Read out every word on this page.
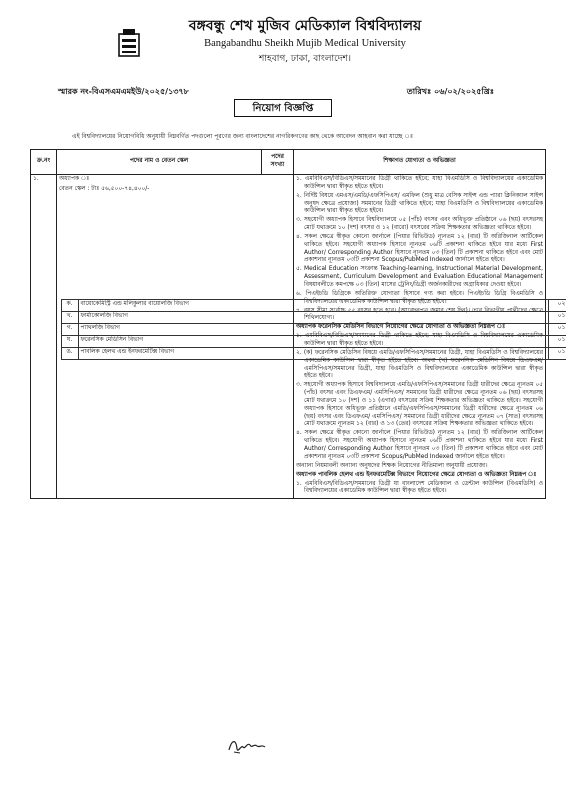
বঙ্গবন্ধু শেখ মুজিব মেডিক্যাল বিশ্ববিদ্যালয়
Bangabandhu Sheikh Mujib Medical University
শাহবাগ, ঢাকা, বাংলাদেশ।
স্মারক নং-বিএসএমএমইউ/২০২৫/১৩৭৮	তারিখঃ ০৬/০২/২০২৫খ্রিঃ
নিয়োগ বিজ্ঞপ্তি
এই বিশ্ববিদ্যালয়ের নিয়োগবিধি অনুযায়ী নিম্নবর্ণিত পদগুলো পূরণের জন্য বাংলাদেশের নাগরিকগণের কাছ থেকে আবেদন আহবান করা যাচ্ছে ঃ
ক্র.নং	পদের নাম ও বেতন স্কেল	পদের সংখ্যা	শিক্ষাগত যোগ্যতা ও অভিজ্ঞতা
১.	অধ্যাপক ঃ
বেতন স্কেল : টাঃ ৫৬,৫০০-৭৪,৪০০/-
ক.	বায়োকেমিস্ট্রি এন্ড মলিকুলার বায়োলজি বিভাগ	০২
খ.	ফার্মাকোলজি বিভাগ	০১
গ.	প্যাথলজি বিভাগ	০১
ঘ.	ফরেনসিক মেডিসিন বিভাগ	০১
ঙ.	পাবলিক হেলথ এন্ড ইনফরমেটিক্স বিভাগ	০১

১. এমবিবিএস/বিডিএস/সমমানের ডিগ্রী থাকিতে হইবে; যাহা বিএমডিসি ও বিশ্ববিদ্যালয়ের একাডেমিক কাউন্সিল দ্বারা স্বীকৃত হইতে হইবে।

২. নির্দিষ্ট বিষয়ে এমএস/এমডি/এফসিপিএস/ এমফিল (শুধু মাত্র বেসিক সাইন্স এন্ড প্যারা ক্লিনিক্যাল সাইন্স অনুষদ ক্ষেত্রে প্রযোজ্য) সমমানের ডিগ্রী থাকিতে হইবে; যাহা বিএমডিসি ও বিশ্ববিদ্যালয়ের একাডেমিক কাউন্সিল দ্বারা স্বীকৃত হইতে হইবে।

৩. সহযোগী অধ্যাপক হিসাবে বিশ্ববিদ্যালয়ে ০৫ (পাঁচ) বৎসর এবং অধিভূক্ত প্রতিষ্ঠানে ০৬ (ছয়) বৎসরসহ মোট যথাক্রমে ১০ (দশ) বৎসর ও ১২ (বারো) বৎসরের সক্রিয় শিক্ষকতার অভিজ্ঞতা থাকিতে হইবে।

৪. সকল ক্ষেত্রে স্বীকৃত কোনো জার্নালে (পিয়ার রিভিউড) ন্যূনতম ১২ (বার) টি অরিজিনাল আর্টিকেল থাকিতে হইবে। সহযোগী অধ্যাপক হিসাবে ন্যূনতম ০৬টি প্রকাশনা থাকিতে হইবে যার মধ্যে First Author/ Corresponding Author হিসাবে ন্যূনতম ০৩ (তিন) টি প্রকাশনা থাকিতে হইবে এবং মোট প্রকাশনার ন্যূনতম ০৩টি প্রকাশনা Scopus/PubMed Indexed জার্নালে হইতে হইবে।

৫. Medical Education সংক্রান্ত Teaching-learning, Instructional Material Development, Assessment, Curriculum Development and Evaluation Educational Management বিষয়াবলীতে কমপক্ষে ০৩ (তিন) মাসের ট্রেনিং/ডিগ্রী অর্জনকারীদের অগ্রাধিকার দেওয়া হইবে।

৬. পিএইচডি ডিগ্রিকে অতিরিক্ত যোগ্যতা হিসাবে গণ্য করা হইবে। পিএইচডি ডিগ্রি বিএমডিসি ও বিশ্ববিদ্যালয়ের একাডেমিক কাউন্সিল দ্বারা স্বীকৃত হইতে হইবে।

৭. বয়স সীমা সর্বোচ্চ ৫৫ বৎসর হতে হবে। (আবেদনপত্র জমার শেষ দিন)। তবে বিভাগীয় প্রার্থীদের ক্ষেত্রে শিথিলযোগ্য।

অধ্যাপক ফরেনসিক মেডিসিন বিভাগে নিয়োগের ক্ষেত্রে যোগ্যতা ও অভিজ্ঞতা নিম্নরূপ ঃ

১. এমবিবিএস/বিডিএস/সমমানের ডিগ্রী থাকিতে হইবে; যাহা বিএমডিসি ও বিশ্ববিদ্যালয়ের একাডেমিক কাউন্সিল দ্বারা স্বীকৃত হইতে হইবে।

২. (ক) ফরেনসিক মেডিসিন বিষয়ে এমডি/এফসিপিএস/সমমানের ডিগ্রী, যাহা বিএমডিসি ও বিশ্ববিদ্যালয়ের একাডেমিক কাউন্সিল দ্বারা স্বীকৃত হইতে হইবে। অথবা (খ) ফরেনসিক মেডিসিন বিষয়ে ডিএফএম/এমসিপিএস/সমমানের ডিগ্রী, যাহা বিএমডিসি ও বিশ্ববিদ্যালয়ের একাডেমিক কাউন্সিল দ্বারা স্বীকৃত হইতে হইবে।

৩. সহযোগী অধ্যাপক হিসাবে বিশ্ববিদ্যালয়ে এমডি/এফসিপিএস/সমমানের ডিগ্রী ধারীদের ক্ষেত্রে ন্যূনতম ০৫ (পাঁচ) বৎসর এবং ডিএফএম/ এমসিপিএস/ সমমানের ডিগ্রী ধারীদের ক্ষেত্রে ন্যূনতম ০৬ (ছয়) বৎসরসহ মোট যথাক্রমে ১০ (দশ) ও ১১ (এগার) বৎসরের সক্রিয় শিক্ষকতার অভিজ্ঞতা থাকিতে হইবে। সহযোগী অধ্যাপক হিসাবে অধিভূক্ত প্রতিষ্ঠানে এমডি/এফসিপিএস/সমমানের ডিগ্রী ধারীদের ক্ষেত্রে ন্যূনতম ০৬ (ছয়) বৎসর এবং ডিএফএম/ এমসিপিএস/ সমমানের ডিগ্রী ধারীদের ক্ষেত্রে ন্যূনতম ০৭ (সাত) বৎসরসহ মোট যথাক্রমে ন্যূনতম ১২ (বার) ও ১৩ (তের) বৎসরের সক্রিয় শিক্ষকতার অভিজ্ঞতা থাকিতে হইবে।

৪. সকল ক্ষেত্রে স্বীকৃত কোনো জার্নালে (পিয়ার রিভিউড) ন্যূনতম ১২ (বার) টি অরিজিনাল আর্টিকেল থাকিতে হইবে। সহযোগী অধ্যাপক হিসাবে ন্যূনতম ০৬টি প্রকাশনা থাকিতে হইবে যার মধ্যে First Author/ Corresponding Author হিসাবে ন্যূনতম ০৩ (তিন) টি প্রকাশনা থাকিতে হইবে এবং মোট প্রকাশনার ন্যূনতম ০৩টি প্রকাশনা Scopus/PubMed Indexed জার্নালে হইতে হইবে।

অন্যান্য নিয়মাবলী অন্যান্য অনুষদের শিক্ষক নিয়োগের নীতিমালা অনুযায়ী প্রযোজ্য।

অধ্যাপক পাবলিক হেলথ এন্ড ইনফরমেটিক্স বিভাগে নিয়োগের ক্ষেত্রে যোগ্যতা ও অভিজ্ঞতা নিম্নরূপ ঃ

১. এমবিবিএস/বিডিএস/সমমানের ডিগ্রী যা বাংলাদেশ মেডিক্যাল ও ডেন্টাল কাউন্সিল (বিএমডিসি) ও বিশ্ববিদ্যালয়ের একাডেমিক কাউন্সিল দ্বারা স্বীকৃত হইতে হইবে।
